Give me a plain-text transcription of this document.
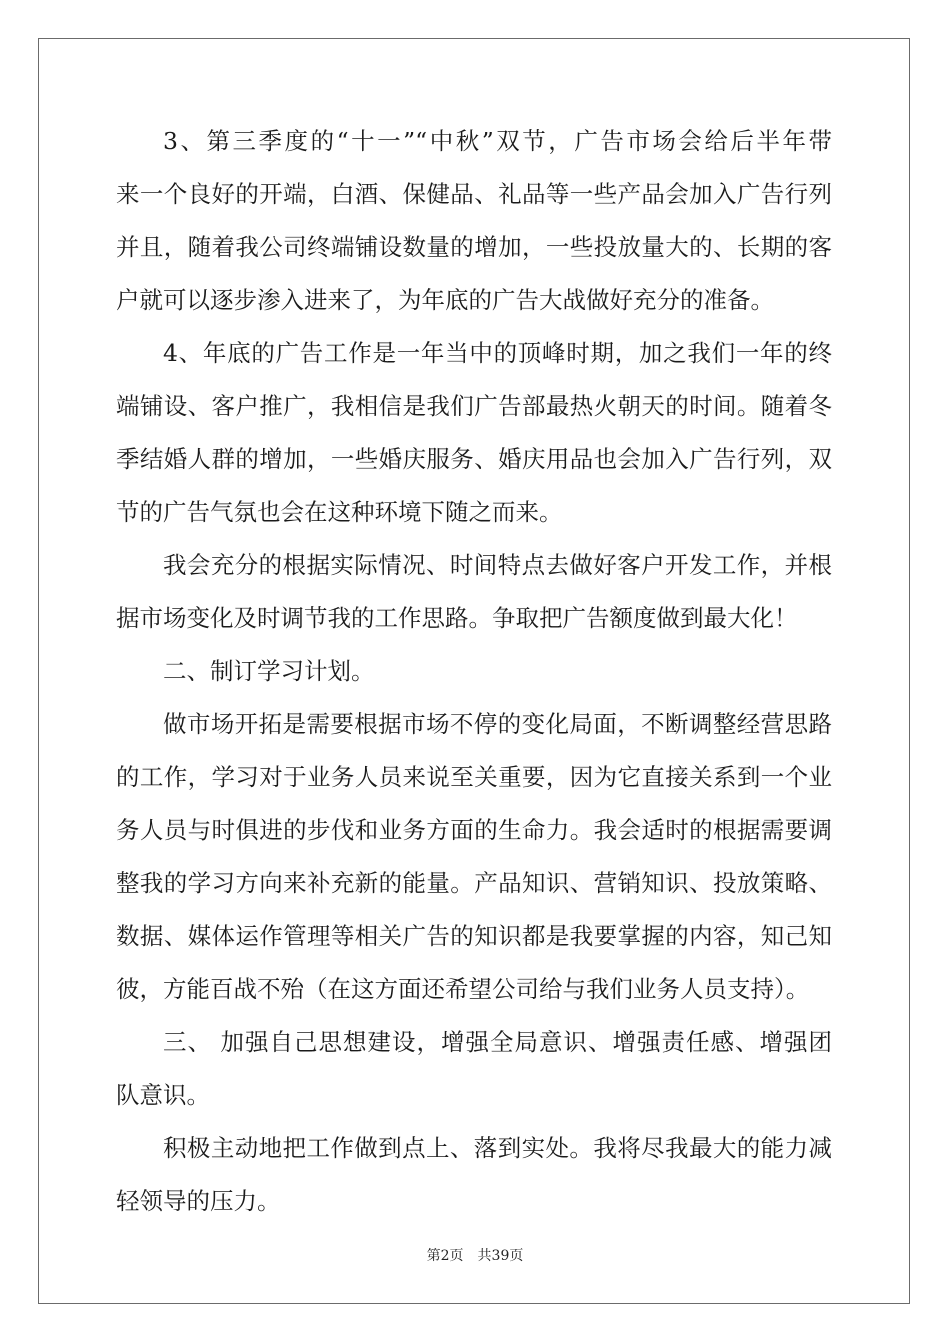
3、第三季度的“十一”“中秋”双节，广告市场会给后半年带
来一个良好的开端，白酒、保健品、礼品等一些产品会加入广告行列
并且，随着我公司终端铺设数量的增加，一些投放量大的、长期的客
户就可以逐步渗入进来了，为年底的广告大战做好充分的准备。
4、年底的广告工作是一年当中的顶峰时期，加之我们一年的终
端铺设、客户推广，我相信是我们广告部最热火朝天的时间。随着冬
季结婚人群的增加，一些婚庆服务、婚庆用品也会加入广告行列，双
节的广告气氛也会在这种环境下随之而来。
我会充分的根据实际情况、时间特点去做好客户开发工作，并根
据市场变化及时调节我的工作思路。争取把广告额度做到最大化！
二、制订学习计划。
做市场开拓是需要根据市场不停的变化局面，不断调整经营思路
的工作，学习对于业务人员来说至关重要，因为它直接关系到一个业
务人员与时俱进的步伐和业务方面的生命力。我会适时的根据需要调
整我的学习方向来补充新的能量。产品知识、营销知识、投放策略、
数据、媒体运作管理等相关广告的知识都是我要掌握的内容，知己知
彼，方能百战不殆（在这方面还希望公司给与我们业务人员支持）。
三、 加强自己思想建设，增强全局意识、增强责任感、增强团
队意识。
积极主动地把工作做到点上、落到实处。我将尽我最大的能力减
轻领导的压力。
第2页　共39页
